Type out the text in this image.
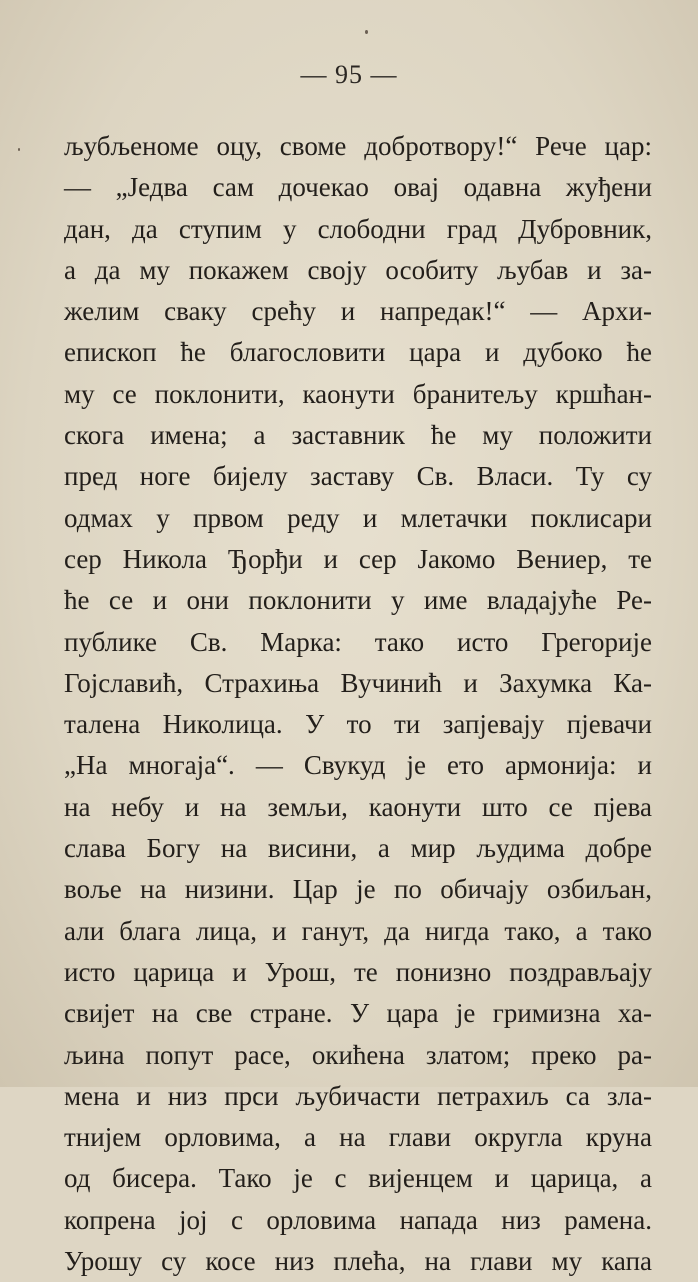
— 95 —
љубљеноме оцу, своме добротвору!“ Рече цар:
— „Једва сам дочекао овај одавна жуђени
дан, да ступим у слободни град Дубровник,
а да му покажем своју особиту љубав и за-
желим сваку срећу и напредак!“ — Архи-
епископ ће благословити цара и дубоко ће
му се поклонити, каонути бранитељу кршћан-
скога имена; а заставник ће му положити
пред ноге бијелу заставу Св. Власи. Ту су
одмах у првом реду и млетачки поклисари
сер Никола Ђорђи и сер Јакомо Вениер, те
ће се и они поклонити у име владајуће Ре-
публике Св. Марка: тако исто Грегорије
Гојславић, Страхиња Вучинић и Захумка Ка-
талена Николица. У то ти запјевају пјевачи
„На многаја“. — Свукуд је ето армонија: и
на небу и на земљи, каонути што се пјева
слава Богу на висини, а мир људима добре
воље на низини. Цар је по обичају озбиљан,
али блага лица, и ганут, да нигда тако, а тако
исто царица и Урош, те понизно поздрављају
свијет на све стране. У цара је гримизна ха-
љина попут расе, окићена златом; преко ра-
мена и низ прси љубичасти петрахиљ са зла-
тнијем орловима, а на глави округла круна
од бисера. Тако је с вијенцем и царица, а
копрена јој с орловима напада низ рамена.
Урошу су косе низ плећа, на глави му капа
